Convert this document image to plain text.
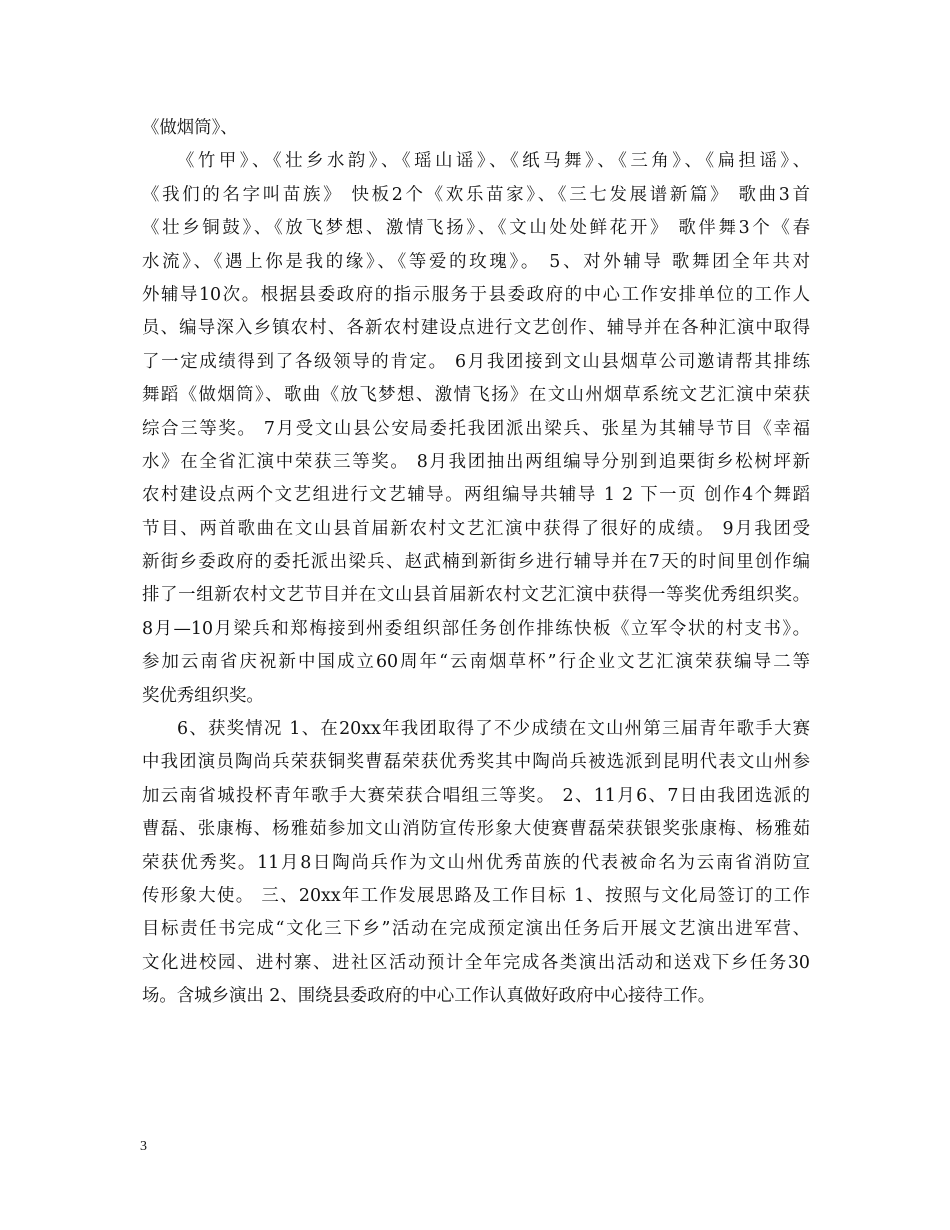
《做烟筒》、
《竹甲》、《壮乡水韵》、《瑶山谣》、《纸马舞》、《三角》、《扁担谣》、
《我们的名字叫苗族》 快板2个《欢乐苗家》、《三七发展谱新篇》 歌曲3首
《壮乡铜鼓》、《放飞梦想、激情飞扬》、《文山处处鲜花开》 歌伴舞3个《春
水流》、《遇上你是我的缘》、《等爱的玫瑰》。 5、对外辅导 歌舞团全年共对
外辅导10次。根据县委政府的指示服务于县委政府的中心工作安排单位的工作人
员、编导深入乡镇农村、各新农村建设点进行文艺创作、辅导并在各种汇演中取得
了一定成绩得到了各级领导的肯定。 6月我团接到文山县烟草公司邀请帮其排练
舞蹈《做烟筒》、歌曲《放飞梦想、激情飞扬》在文山州烟草系统文艺汇演中荣获
综合三等奖。 7月受文山县公安局委托我团派出梁兵、张星为其辅导节目《幸福
水》在全省汇演中荣获三等奖。 8月我团抽出两组编导分别到追栗街乡松树坪新
农村建设点两个文艺组进行文艺辅导。两组编导共辅导 1 2 下一页 创作4个舞蹈
节目、两首歌曲在文山县首届新农村文艺汇演中获得了很好的成绩。 9月我团受
新街乡委政府的委托派出梁兵、赵武楠到新街乡进行辅导并在7天的时间里创作编
排了一组新农村文艺节目并在文山县首届新农村文艺汇演中获得一等奖优秀组织奖。
8月—10月梁兵和郑梅接到州委组织部任务创作排练快板《立军令状的村支书》。
参加云南省庆祝新中国成立60周年“云南烟草杯”行企业文艺汇演荣获编导二等
奖优秀组织奖。
6、获奖情况 1、在20xx年我团取得了不少成绩在文山州第三届青年歌手大赛
中我团演员陶尚兵荣获铜奖曹磊荣获优秀奖其中陶尚兵被选派到昆明代表文山州参
加云南省城投杯青年歌手大赛荣获合唱组三等奖。 2、11月6、7日由我团选派的
曹磊、张康梅、杨雅茹参加文山消防宣传形象大使赛曹磊荣获银奖张康梅、杨雅茹
荣获优秀奖。11月8日陶尚兵作为文山州优秀苗族的代表被命名为云南省消防宣
传形象大使。 三、20xx年工作发展思路及工作目标 1、按照与文化局签订的工作
目标责任书完成“文化三下乡”活动在完成预定演出任务后开展文艺演出进军营、
文化进校园、进村寨、进社区活动预计全年完成各类演出活动和送戏下乡任务30
场。含城乡演出 2、围绕县委政府的中心工作认真做好政府中心接待工作。
3
